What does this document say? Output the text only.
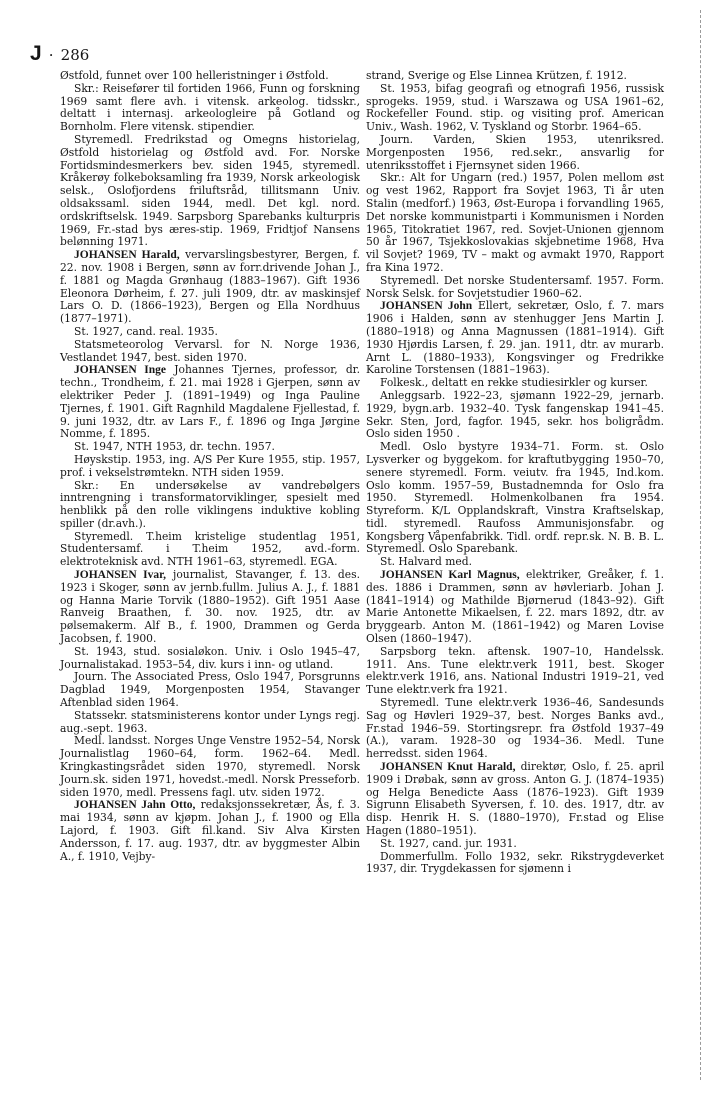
J · 286

Østfold, funnet over 100 helleristninger i Østfold.

Skr.: Reisefører til fortiden 1966, Funn og forskning 1969 samt flere avh. i vitensk. arkeolog. tidsskr., deltatt i internasj. arkeologleire på Gotland og Bornholm. Flere vitensk. stipendier.

Styremedl. Fredrikstad og Omegns historielag, Østfold historielag og Østfold avd. For. Norske Fortidsmindesmerkers bev. siden 1945, styremedl. Kråkerøy folkeboksamling fra 1939, Norsk arkeologisk selsk., Oslofjordens friluftsråd, tillitsmann Univ. oldsakssaml. siden 1944, medl. Det kgl. nord. ordskriftselsk. 1949. Sarpsborg Sparebanks kulturpris 1969, Fr.-stad bys æres-stip. 1969, Fridtjof Nansens belønning 1971.

JOHANSEN Harald, vervarslingsbestyrer, Bergen, f. 22. nov. 1908 i Bergen, sønn av forr.drivende Johan J., f. 1881 og Magda Grønhaug (1883–1967). Gift 1936 Eleonora Dørheim, f. 27. juli 1909, dtr. av maskinsjef Lars O. D. (1866–1923), Bergen og Ella Nordhuus (1877–1971).

St. 1927, cand. real. 1935.

Statsmeteorolog Vervarsl. for N. Norge 1936, Vestlandet 1947, best. siden 1970.

JOHANSEN Inge Johannes Tjernes, professor, dr. techn., Trondheim, f. 21. mai 1928 i Gjerpen, sønn av elektriker Peder J. (1891–1949) og Inga Pauline Tjernes, f. 1901. Gift Ragnhild Magdalene Fjellestad, f. 9. juni 1932, dtr. av Lars F., f. 1896 og Inga Jørgine Nomme, f. 1895.

St. 1947, NTH 1953, dr. techn. 1957.

Høyskstip. 1953, ing. A/S Per Kure 1955, stip. 1957, prof. i vekselstrømtekn. NTH siden 1959.

Skr.: En undersøkelse av vandrebølgers inntrengning i transformatorviklinger, spesielt med henblikk på den rolle viklingens induktive kobling spiller (dr.avh.).

Styremedl. T.heim kristelige studentlag 1951, Studentersamf. i T.heim 1952, avd.-form. elektroteknisk avd. NTH 1961–63, styremedl. EGA.

JOHANSEN Ivar, journalist, Stavanger, f. 13. des. 1923 i Skoger, sønn av jernb.fullm. Julius A. J., f. 1881 og Hanna Marie Torvik (1880–1952). Gift 1951 Aase Ranveig Braathen, f. 30. nov. 1925, dtr. av pølsemakerm. Alf B., f. 1900, Drammen og Gerda Jacobsen, f. 1900.

St. 1943, stud. sosialøkon. Univ. i Oslo 1945–47, Journalistakad. 1953–54, div. kurs i inn- og utland.

Journ. The Associated Press, Oslo 1947, Porsgrunns Dagblad 1949, Morgenposten 1954, Stavanger Aftenblad siden 1964.

Statssekr. statsministerens kontor under Lyngs regj. aug.-sept. 1963.

Medl. landsst. Norges Unge Venstre 1952–54, Norsk Journalistlag 1960–64, form. 1962–64. Medl. Kringkastingsrådet siden 1970, styremedl. Norsk Journ.sk. siden 1971, hovedst.-medl. Norsk Presseforb. siden 1970, medl. Pressens fagl. utv. siden 1972.

JOHANSEN Jahn Otto, redaksjonssekretær, Ås, f. 3. mai 1934, sønn av kjøpm. Johan J., f. 1900 og Ella Lajord, f. 1903. Gift fil.kand. Siv Alva Kirsten Andersson, f. 17. aug. 1937, dtr. av byggmester Albin A., f. 1910, Vejby-

strand, Sverige og Else Linnea Krützen, f. 1912.

St. 1953, bifag geografi og etnografi 1956, russisk sprogeks. 1959, stud. i Warszawa og USA 1961–62, Rockefeller Found. stip. og visiting prof. American Univ., Wash. 1962, V. Tyskland og Storbr. 1964–65.

Journ. Varden, Skien 1953, utenriksred. Morgenposten 1956, red.sekr., ansvarlig for utenriksstoffet i Fjernsynet siden 1966.

Skr.: Alt for Ungarn (red.) 1957, Polen mellom øst og vest 1962, Rapport fra Sovjet 1963, Ti år uten Stalin (medforf.) 1963, Øst-Europa i forvandling 1965, Det norske kommunistparti i Kommunismen i Norden 1965, Titokratiet 1967, red. Sovjet-Unionen gjennom 50 år 1967, Tsjekkoslovakias skjebnetime 1968, Hva vil Sovjet? 1969, TV – makt og avmakt 1970, Rapport fra Kina 1972.

Styremedl. Det norske Studentersamf. 1957. Form. Norsk Selsk. for Sovjetstudier 1960–62.

JOHANSEN John Ellert, sekretær, Oslo, f. 7. mars 1906 i Halden, sønn av stenhugger Jens Martin J. (1880–1918) og Anna Magnussen (1881–1914). Gift 1930 Hjørdis Larsen, f. 29. jan. 1911, dtr. av murarb. Arnt L. (1880–1933), Kongsvinger og Fredrikke Karoline Torstensen (1881–1963).

Folkesk., deltatt en rekke studiesirkler og kurser.

Anleggsarb. 1922–23, sjømann 1922–29, jernarb. 1929, bygn.arb. 1932–40. Tysk fangenskap 1941–45. Sekr. Sten, Jord, fagfor. 1945, sekr. hos boligrådm. Oslo siden 1950 .

Medl. Oslo bystyre 1934–71. Form. st. Oslo Lysverker og byggekom. for kraftutbygging 1950–70, senere styremedl. Form. veiutv. fra 1945, Ind.kom. Oslo komm. 1957–59, Bustadnemnda for Oslo fra 1950. Styremedl. Holmenkolbanen fra 1954. Styreform. K/L Opplandskraft, Vinstra Kraftselskap, tidl. styremedl. Raufoss Ammunisjonsfabr. og Kongsberg Våpenfabrikk. Tidl. ordf. repr.sk. N. B. B. L. Styremedl. Oslo Sparebank.

St. Halvard med.

JOHANSEN Karl Magnus, elektriker, Greåker, f. 1. des. 1886 i Drammen, sønn av høvleriarb. Johan J. (1841–1914) og Mathilde Bjørnerud (1843–92). Gift Marie Antonette Mikaelsen, f. 22. mars 1892, dtr. av bryggearb. Anton M. (1861–1942) og Maren Lovise Olsen (1860–1947).

Sarpsborg tekn. aftensk. 1907–10, Handelssk. 1911. Ans. Tune elektr.verk 1911, best. Skoger elektr.verk 1916, ans. National Industri 1919–21, ved Tune elektr.verk fra 1921.

Styremedl. Tune elektr.verk 1936–46, Sandesunds Sag og Høvleri 1929–37, best. Norges Banks avd., Fr.stad 1946–59. Stortingsrepr. fra Østfold 1937–49 (A.), varam. 1928–30 og 1934–36. Medl. Tune herredsst. siden 1964.

JOHANSEN Knut Harald, direktør, Oslo, f. 25. april 1909 i Drøbak, sønn av gross. Anton G. J. (1874–1935) og Helga Benedicte Aass (1876–1923). Gift 1939 Sigrunn Elisabeth Syversen, f. 10. des. 1917, dtr. av disp. Henrik H. S. (1880–1970), Fr.stad og Elise Hagen (1880–1951).

St. 1927, cand. jur. 1931.

Dommerfullm. Follo 1932, sekr. Rikstrygdeverket 1937, dir. Trygdekassen for sjømenn i
